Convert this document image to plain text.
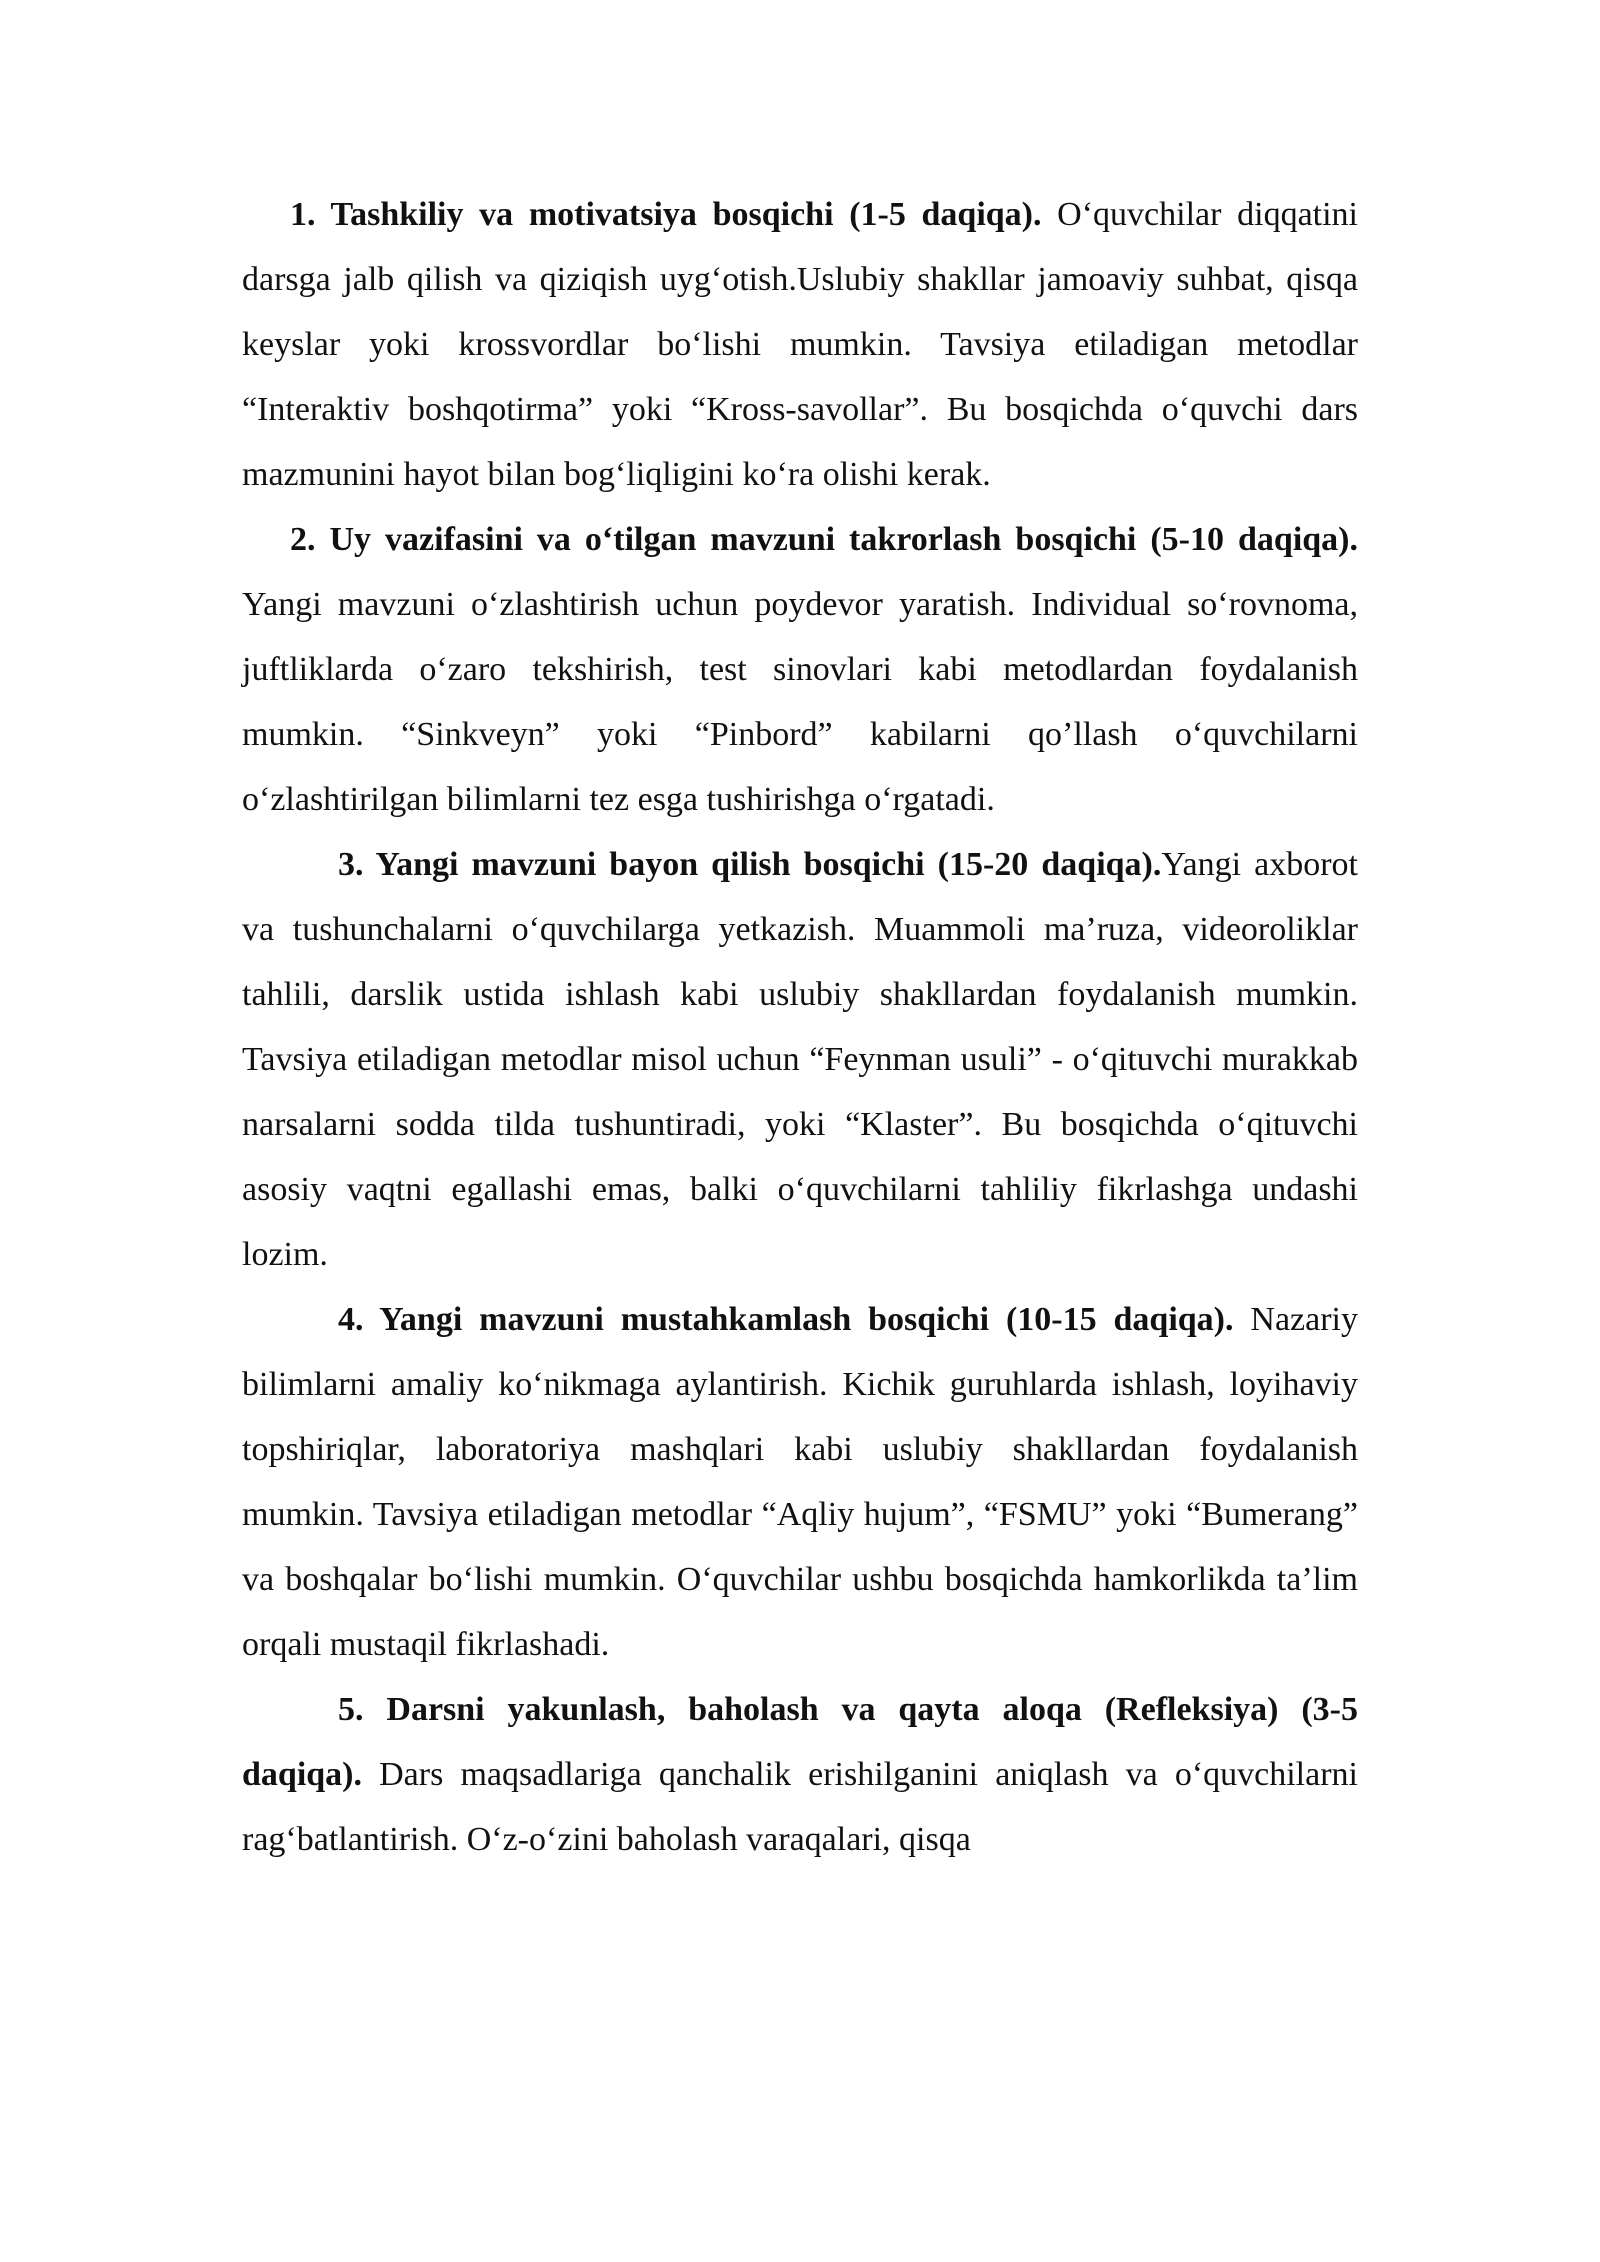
1. Tashkiliy va motivatsiya bosqichi (1-5 daqiqa). O‘quvchilar diqqatini darsga jalb qilish va qiziqish uyg‘otish.Uslubiy shakllar jamoaviy suhbat, qisqa keyslar yoki krossvordlar bo‘lishi mumkin. Tavsiya etiladigan metodlar “Interaktiv boshqotirma” yoki “Kross-savollar”. Bu bosqichda o‘quvchi dars mazmunini hayot bilan bog‘liqligini ko‘ra olishi kerak.

2. Uy vazifasini va o‘tilgan mavzuni takrorlash bosqichi (5-10 daqiqa). Yangi mavzuni o‘zlashtirish uchun poydevor yaratish. Individual so‘rovnoma, juftliklarda o‘zaro tekshirish, test sinovlari kabi metodlardan foydalanish mumkin. “Sinkveyn” yoki “Pinbord” kabilarni qo’llash o‘quvchilarni o‘zlashtirilgan bilimlarni tez esga tushirishga o‘rgatadi.

3. Yangi mavzuni bayon qilish bosqichi (15-20 daqiqa).Yangi axborot va tushunchalarni o‘quvchilarga yetkazish. Muammoli ma’ruza, videoroliklar tahlili, darslik ustida ishlash kabi uslubiy shakllardan foydalanish mumkin. Tavsiya etiladigan metodlar misol uchun “Feynman usuli” - o‘qituvchi murakkab narsalarni sodda tilda tushuntiradi, yoki “Klaster”. Bu bosqichda o‘qituvchi asosiy vaqtni egallashi emas, balki o‘quvchilarni tahliliy fikrlashga undashi lozim.

4. Yangi mavzuni mustahkamlash bosqichi (10-15 daqiqa). Nazariy bilimlarni amaliy ko‘nikmaga aylantirish. Kichik guruhlarda ishlash, loyihaviy topshiriqlar, laboratoriya mashqlari kabi uslubiy shakllardan foydalanish mumkin. Tavsiya etiladigan metodlar “Aqliy hujum”, “FSMU” yoki “Bumerang” va boshqalar bo‘lishi mumkin. O‘quvchilar ushbu bosqichda hamkorlikda ta’lim orqali mustaqil fikrlashadi.

5. Darsni yakunlash, baholash va qayta aloqa (Refleksiya) (3-5 daqiqa). Dars maqsadlariga qanchalik erishilganini aniqlash va o‘quvchilarni rag‘batlantirish. O‘z-o‘zini baholash varaqalari, qisqa
